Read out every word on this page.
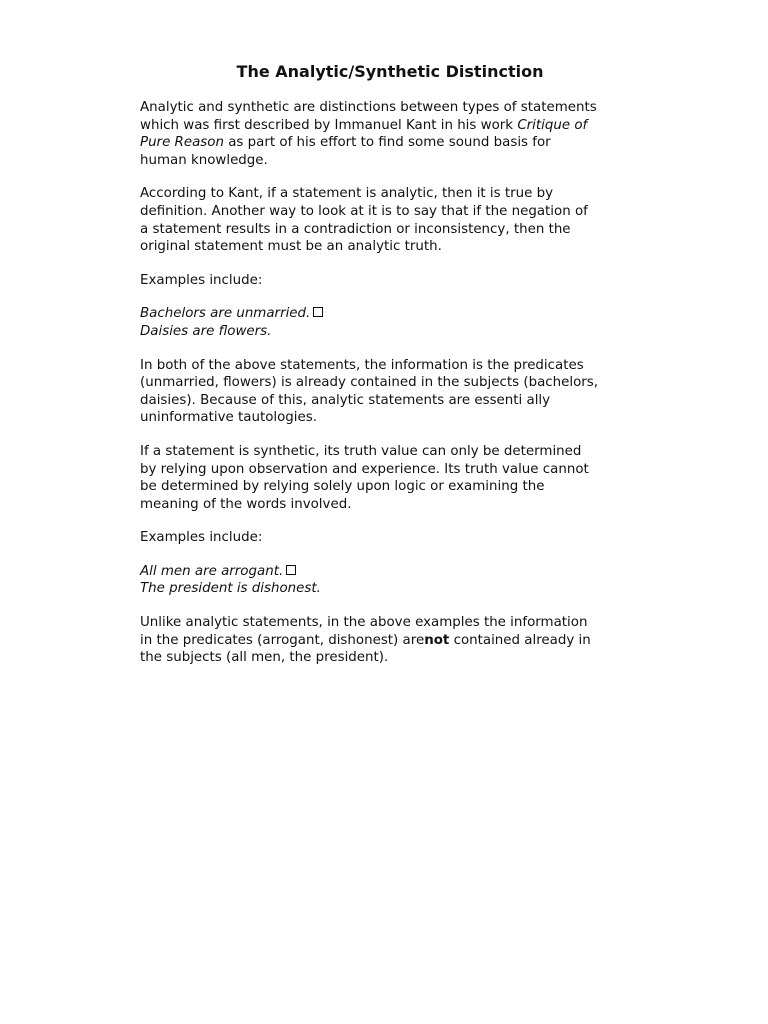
The Analytic/Synthetic Distinction
Analytic and synthetic are distinctions between types of statements
which was first described by Immanuel Kant in his work Critique of
Pure Reason as part of his effort to find some sound basis for
human knowledge.
According to Kant, if a statement is analytic, then it is true by
definition. Another way to look at it is to say that if the negation of
a statement results in a contradiction or inconsistency, then the
original statement must be an analytic truth.
Examples include:
Bachelors are unmarried.
Daisies are flowers.
In both of the above statements, the information is the predicates
(unmarried, flowers) is already contained in the subjects (bachelors,
daisies). Because of this, analytic statements are essenti ally
uninformative tautologies.
If a statement is synthetic, its truth value can only be determined
by relying upon observation and experience. Its truth value cannot
be determined by relying solely upon logic or examining the
meaning of the words involved.
Examples include:
All men are arrogant.
The president is dishonest.
Unlike analytic statements, in the above examples the information
in the predicates (arrogant, dishonest) arenot contained already in
the subjects (all men, the president).
